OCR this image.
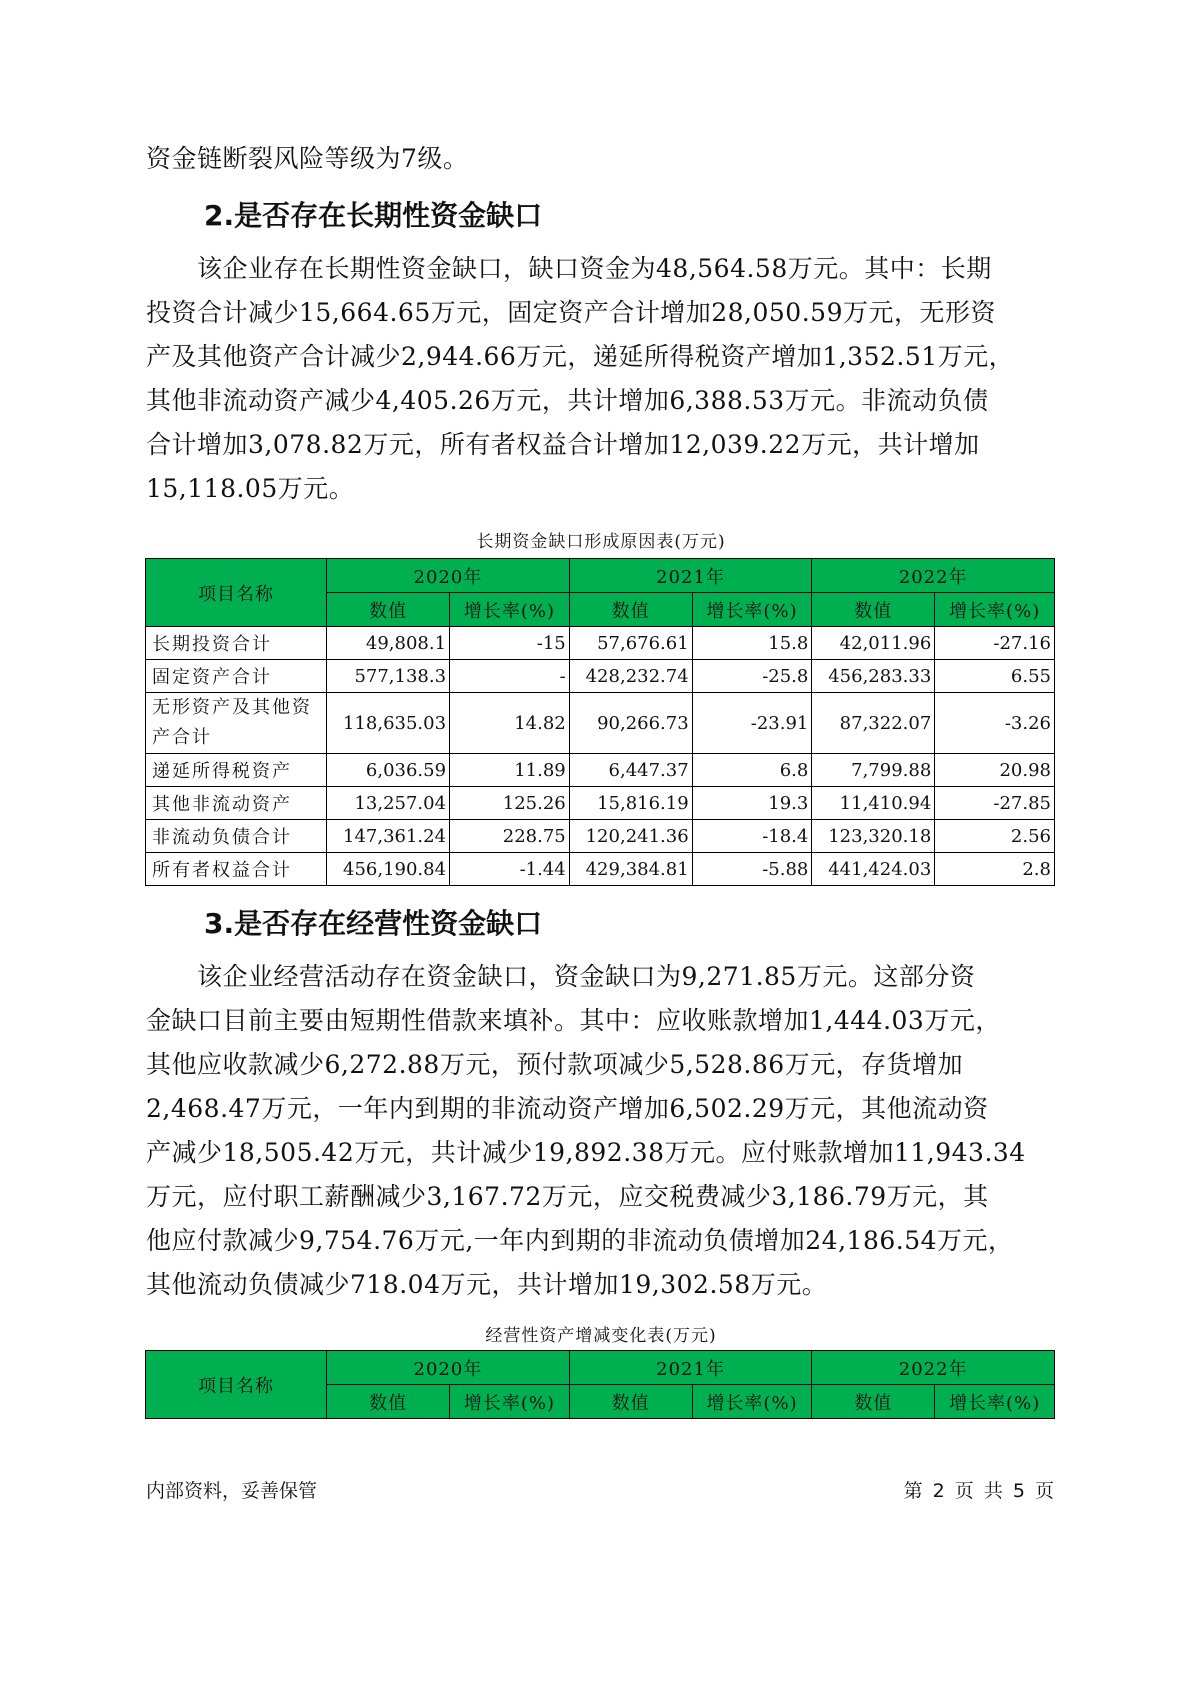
资金链断裂风险等级为7级。
2.是否存在长期性资金缺口
　　该企业存在长期性资金缺口，缺口资金为48,564.58万元。其中：长期
投资合计减少15,664.65万元，固定资产合计增加28,050.59万元，无形资
产及其他资产合计减少2,944.66万元，递延所得税资产增加1,352.51万元，
其他非流动资产减少4,405.26万元，共计增加6,388.53万元。非流动负债
合计增加3,078.82万元，所有者权益合计增加12,039.22万元，共计增加
15,118.05万元。
长期资金缺口形成原因表(万元)
项目名称	2020年		2021年		2022年	
	数值	增长率(%)	数值	增长率(%)	数值	增长率(%)
长期投资合计	49,808.1	-15	57,676.61	15.8	42,011.96	-27.16
固定资产合计	577,138.3	-	428,232.74	-25.8	456,283.33	6.55
无形资产及其他资产合计	118,635.03	14.82	90,266.73	-23.91	87,322.07	-3.26
递延所得税资产	6,036.59	11.89	6,447.37	6.8	7,799.88	20.98
其他非流动资产	13,257.04	125.26	15,816.19	19.3	11,410.94	-27.85
非流动负债合计	147,361.24	228.75	120,241.36	-18.4	123,320.18	2.56
所有者权益合计	456,190.84	-1.44	429,384.81	-5.88	441,424.03	2.8
3.是否存在经营性资金缺口
　　该企业经营活动存在资金缺口，资金缺口为9,271.85万元。这部分资
金缺口目前主要由短期性借款来填补。其中：应收账款增加1,444.03万元，
其他应收款减少6,272.88万元，预付款项减少5,528.86万元，存货增加
2,468.47万元，一年内到期的非流动资产增加6,502.29万元，其他流动资
产减少18,505.42万元，共计减少19,892.38万元。应付账款增加11,943.34
万元，应付职工薪酬减少3,167.72万元，应交税费减少3,186.79万元，其
他应付款减少9,754.76万元,一年内到期的非流动负债增加24,186.54万元，
其他流动负债减少718.04万元，共计增加19,302.58万元。
经营性资产增减变化表(万元)
项目名称	2020年		2021年		2022年	
	数值	增长率(%)	数值	增长率(%)	数值	增长率(%)
内部资料，妥善保管	第 2 页 共 5 页
